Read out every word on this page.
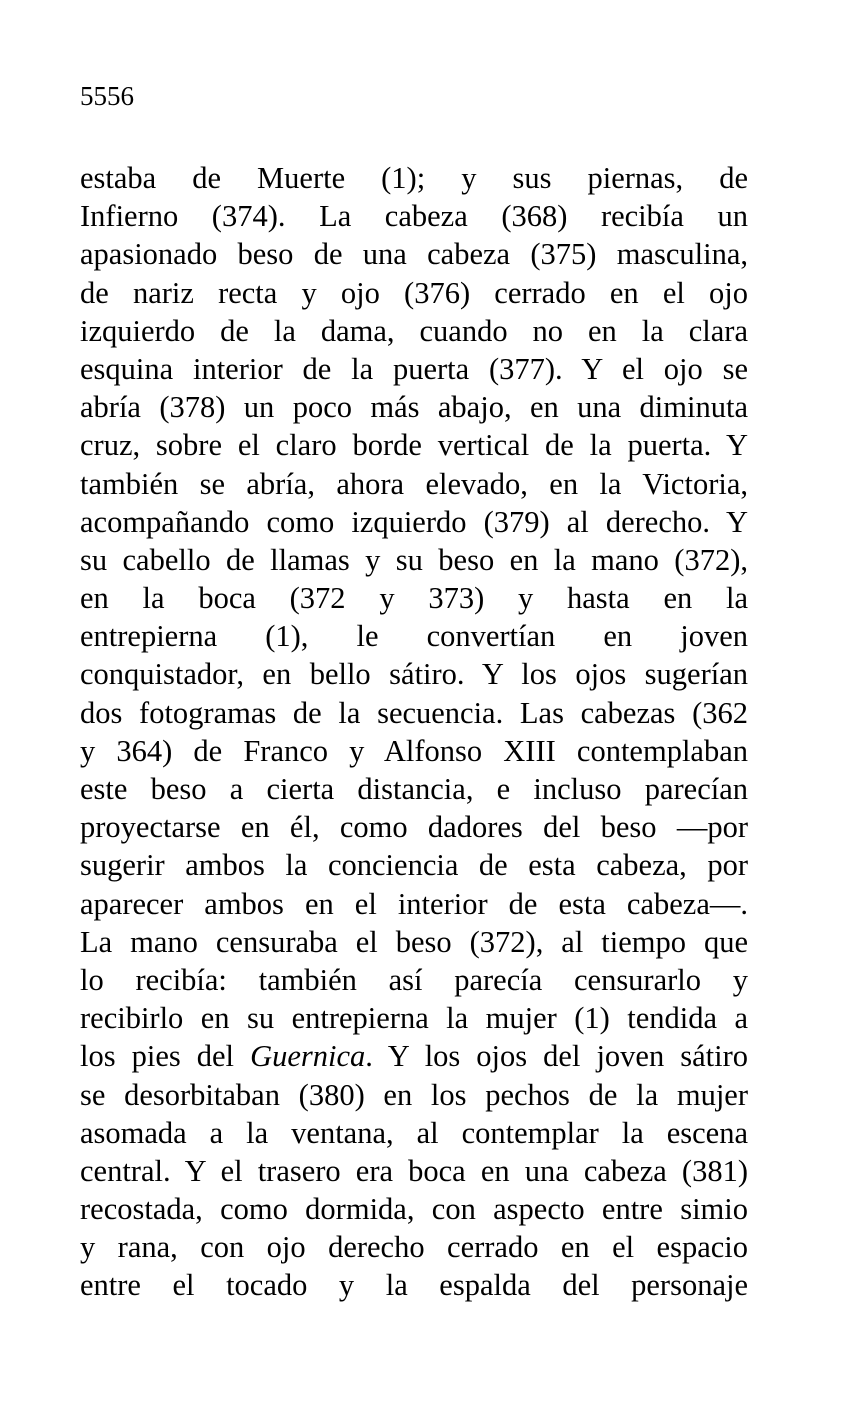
5556
estaba de Muerte (1); y sus piernas, de
Infierno (374). La cabeza (368) recibía un
apasionado beso de una cabeza (375) masculina,
de nariz recta y ojo (376) cerrado en el ojo
izquierdo de la dama, cuando no en la clara
esquina interior de la puerta (377). Y el ojo se
abría (378) un poco más abajo, en una diminuta
cruz, sobre el claro borde vertical de la puerta. Y
también se abría, ahora elevado, en la Victoria,
acompañando como izquierdo (379) al derecho. Y
su cabello de llamas y su beso en la mano (372),
en la boca (372 y 373) y hasta en la
entrepierna (1), le convertían en joven
conquistador, en bello sátiro. Y los ojos sugerían
dos fotogramas de la secuencia. Las cabezas (362
y 364) de Franco y Alfonso XIII contemplaban
este beso a cierta distancia, e incluso parecían
proyectarse en él, como dadores del beso —por
sugerir ambos la conciencia de esta cabeza, por
aparecer ambos en el interior de esta cabeza—.
La mano censuraba el beso (372), al tiempo que
lo recibía: también así parecía censurarlo y
recibirlo en su entrepierna la mujer (1) tendida a
los pies del Guernica. Y los ojos del joven sátiro
se desorbitaban (380) en los pechos de la mujer
asomada a la ventana, al contemplar la escena
central. Y el trasero era boca en una cabeza (381)
recostada, como dormida, con aspecto entre simio
y rana, con ojo derecho cerrado en el espacio
entre el tocado y la espalda del personaje
